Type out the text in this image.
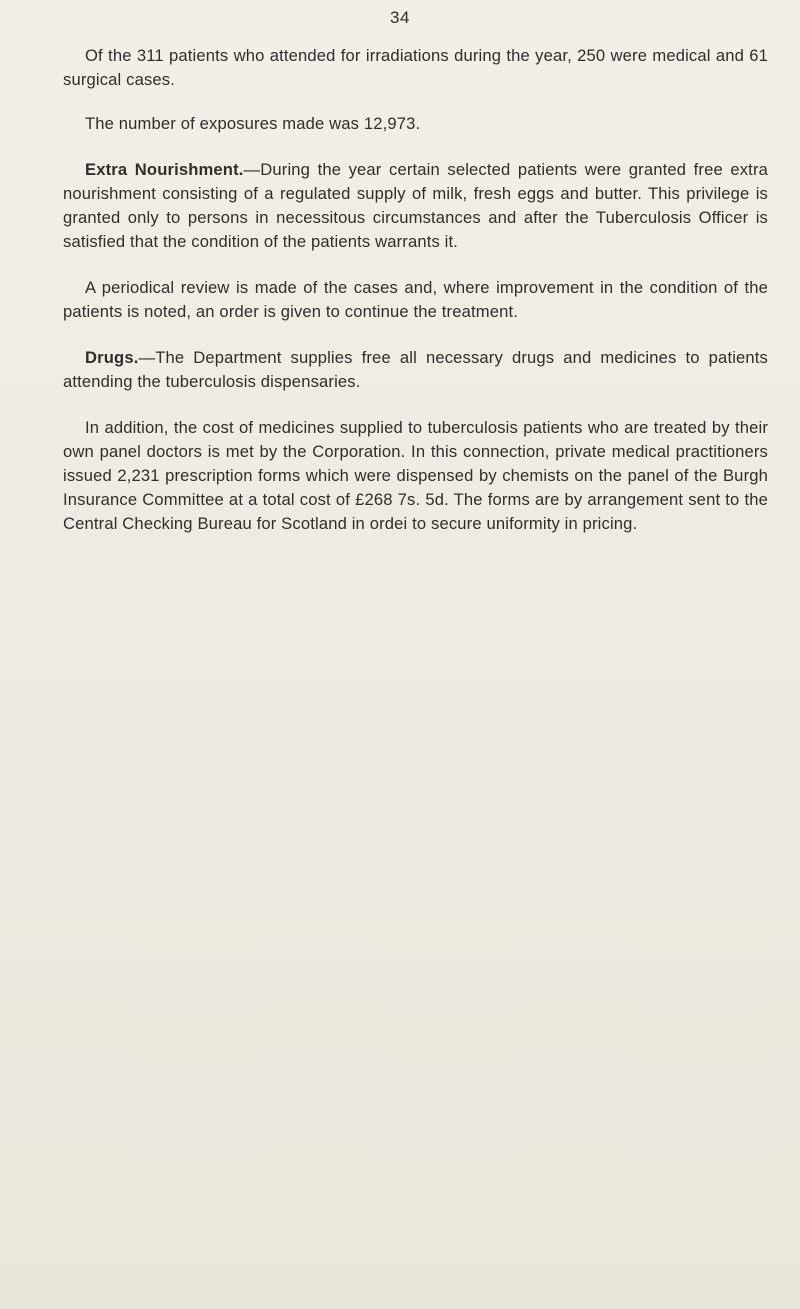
34

Of the 311 patients who attended for irradiations during the year, 250 were medical and 61 surgical cases.

The number of exposures made was 12,973.

Extra Nourishment.—During the year certain selected patients were granted free extra nourishment consisting of a regulated supply of milk, fresh eggs and butter. This privilege is granted only to persons in necessitous circumstances and after the Tuberculosis Officer is satisfied that the condition of the patients warrants it.

A periodical review is made of the cases and, where improvement in the condition of the patients is noted, an order is given to continue the treatment.

Drugs.—The Department supplies free all necessary drugs and medicines to patients attending the tuberculosis dispensaries.

In addition, the cost of medicines supplied to tuberculosis patients who are treated by their own panel doctors is met by the Corporation. In this connection, private medical practitioners issued 2,231 prescription forms which were dispensed by chemists on the panel of the Burgh Insurance Committee at a total cost of £268 7s. 5d. The forms are by arrangement sent to the Central Checking Bureau for Scotland in ordei to secure uniformity in pricing.
